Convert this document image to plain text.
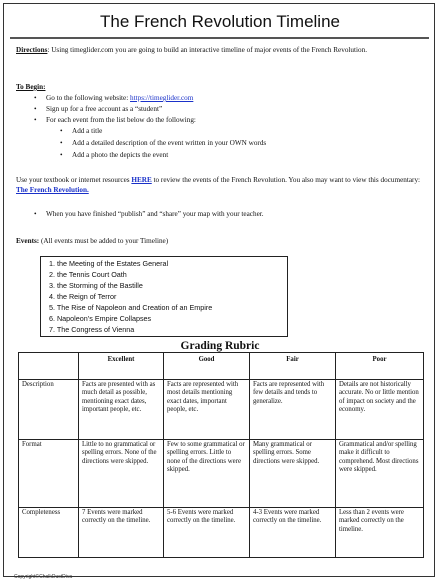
The French Revolution Timeline
Directions: Using timeglider.com you are going to build an interactive timeline of major events of the French Revolution.
To Begin:
• Go to the following website: https://timeglider.com
• Sign up for a free account as a “student”
• For each event from the list below do the following:
• Add a title
• Add a detailed description of the event written in your OWN words
• Add a photo the depicts the event
Use your textbook or internet resources HERE to review the events of the French Revolution. You also may want to view this documentary: The French Revolution.
• When you have finished “publish” and “share” your map with your teacher.
Events: (All events must be added to your Timeline)
1. the Meeting of the Estates General
2. the Tennis Court Oath
3. the Storming of the Bastille
4. the Reign of Terror
5. The Rise of Napoleon and Creation of an Empire
6. Napoleon’s Empire Collapses
7. The Congress of Vienna
Grading Rubric
	Excellent	Good	Fair	Poor
Description	Facts are presented with as much detail as possible, mentioning exact dates, important people, etc.	Facts are represented with most details mentioning exact dates, important people, etc.	Facts are represented with few details and tends to generalize.	Details are not historically accurate. No or little mention of impact on society and the economy.
Format	Little to no grammatical or spelling errors. None of the directions were skipped.	Few to some grammatical or spelling errors. Little to none of the directions were skipped.	Many grammatical or spelling errors. Some directions were skipped.	Grammatical and/or spelling make it difficult to comprehend. Most directions were skipped.
Completeness	7 Events were marked correctly on the timeline.	5-6 Events were marked correctly on the timeline.	4-3 Events were marked correctly on the timeline.	Less than 2 events were marked correctly on the timeline.
Copyright©ChalkDustDiva
